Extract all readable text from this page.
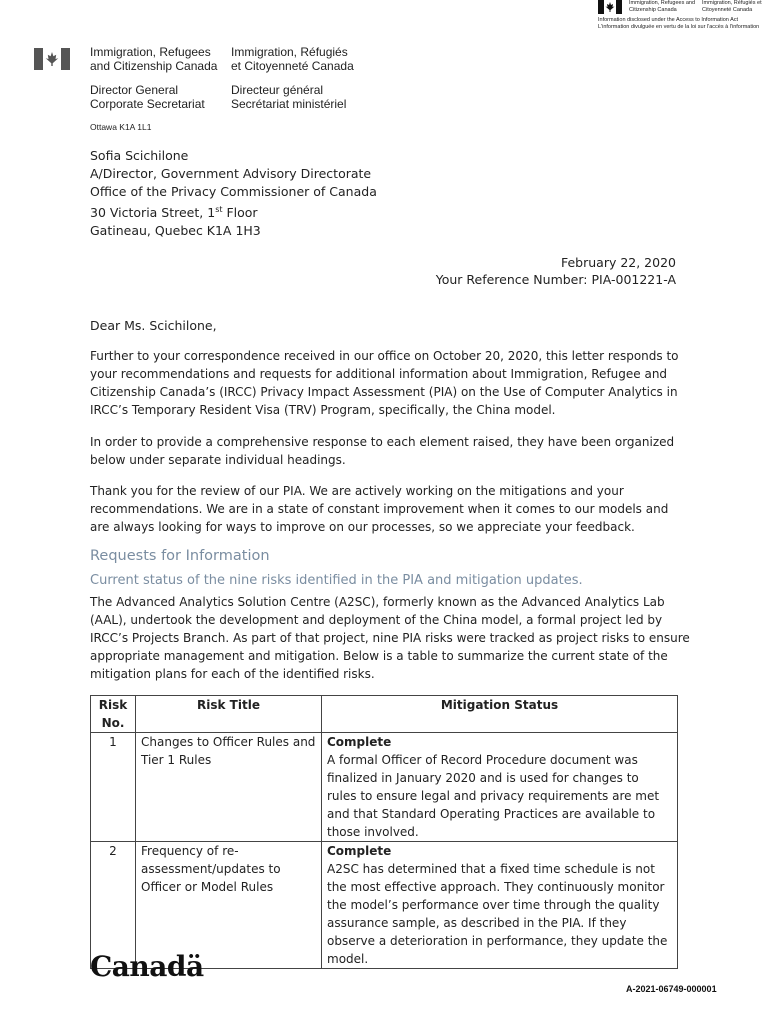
Immigration, Refugees and Citizenship Canada
Immigration, Réfugiés et Citoyenneté Canada
Information disclosed under the Access to Information Act
L'information divulguée en vertu de la loi sur l'accès à l'information
Immigration, Refugees
and Citizenship Canada
Immigration, Réfugiés
et Citoyenneté Canada
Director General
Corporate Secretariat
Directeur général
Secrétariat ministériel
Ottawa K1A 1L1
Sofia Scichilone
A/Director, Government Advisory Directorate
Office of the Privacy Commissioner of Canada
30 Victoria Street, 1st Floor
Gatineau, Quebec K1A 1H3
February 22, 2020
Your Reference Number: PIA-001221-A
Dear Ms. Scichilone,

Further to your correspondence received in our office on October 20, 2020, this letter responds to your recommendations and requests for additional information about Immigration, Refugee and Citizenship Canada’s (IRCC) Privacy Impact Assessment (PIA) on the Use of Computer Analytics in IRCC’s Temporary Resident Visa (TRV) Program, specifically, the China model.

In order to provide a comprehensive response to each element raised, they have been organized below under separate individual headings.

Thank you for the review of our PIA. We are actively working on the mitigations and your recommendations. We are in a state of constant improvement when it comes to our models and are always looking for ways to improve on our processes, so we appreciate your feedback.

Requests for Information
Current status of the nine risks identified in the PIA and mitigation updates.

The Advanced Analytics Solution Centre (A2SC), formerly known as the Advanced Analytics Lab (AAL), undertook the development and deployment of the China model, a formal project led by IRCC’s Projects Branch. As part of that project, nine PIA risks were tracked as project risks to ensure appropriate management and mitigation. Below is a table to summarize the current state of the mitigation plans for each of the identified risks.

Risk No.	Risk Title	Mitigation Status
1	Changes to Officer Rules and Tier 1 Rules	Complete
A formal Officer of Record Procedure document was finalized in January 2020 and is used for changes to rules to ensure legal and privacy requirements are met and that Standard Operating Practices are available to those involved.
2	Frequency of re-assessment/updates to Officer or Model Rules	Complete
A2SC has determined that a fixed time schedule is not the most effective approach. They continuously monitor the model’s performance over time through the quality assurance sample, as described in the PIA. If they observe a deterioration in performance, they update the model.
Canadä
A-2021-06749-000001
